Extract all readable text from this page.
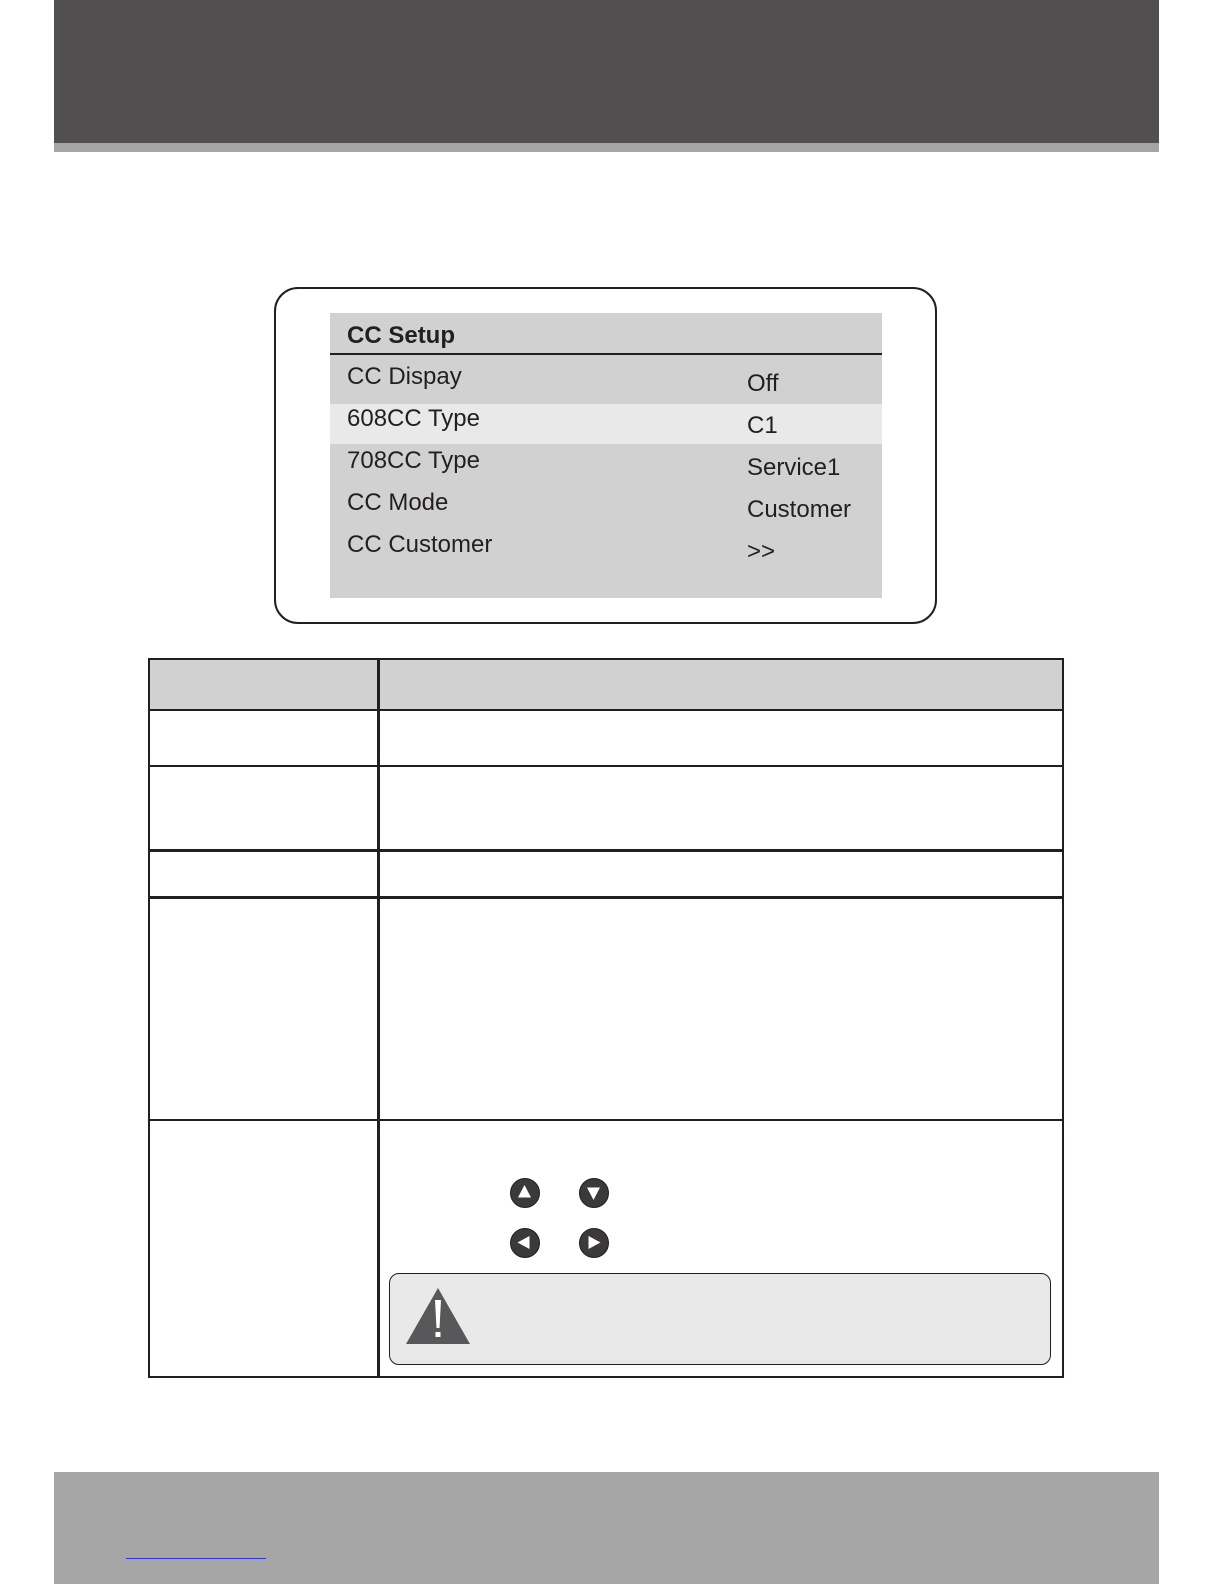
CC Setup
CC Dispay	Off
608CC Type	C1
708CC Type	Service1
CC Mode	Customer
CC Customer	>>
